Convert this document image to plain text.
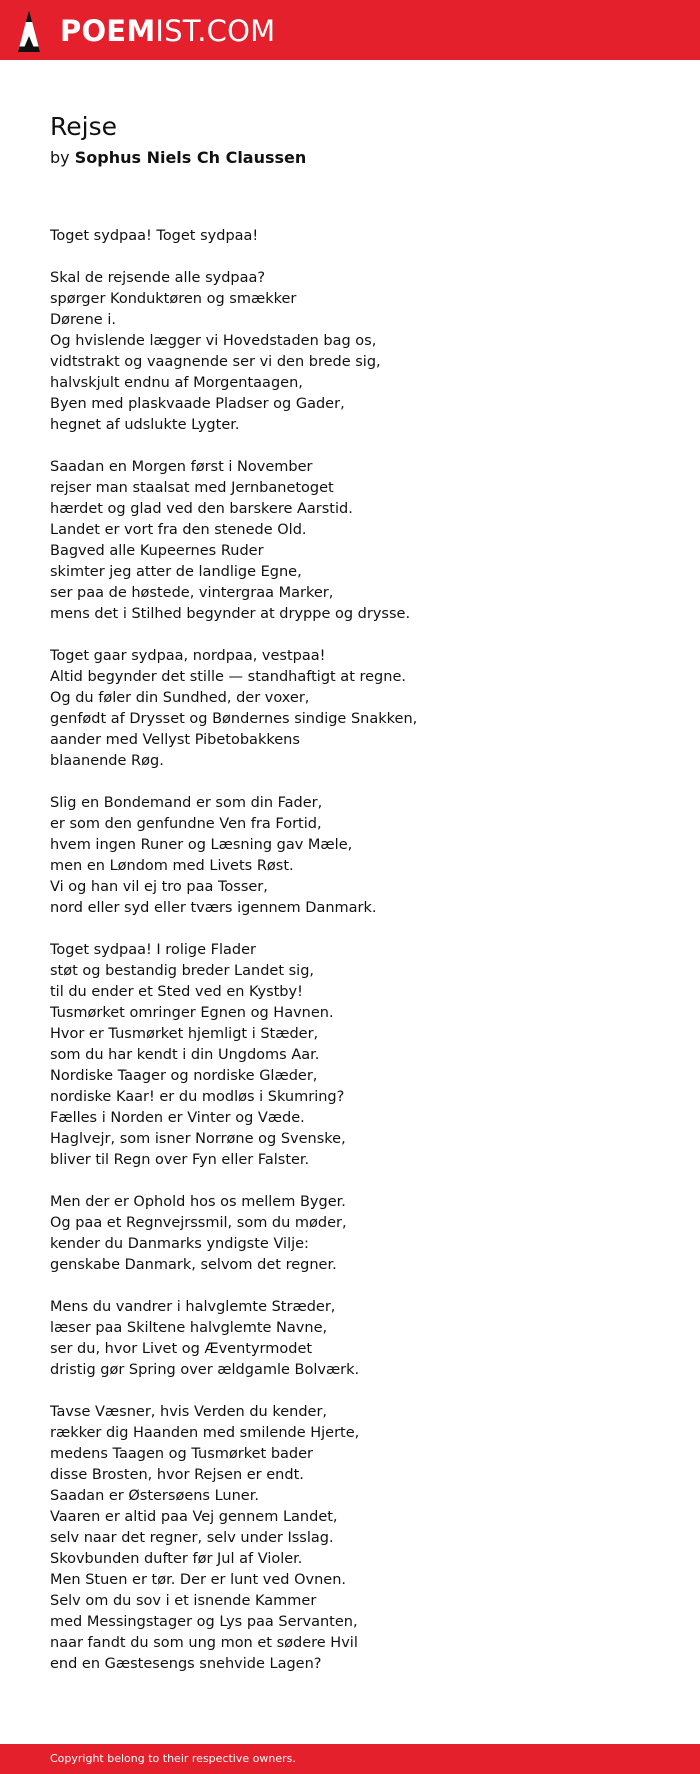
POEMIST.COM
Rejse

by Sophus Niels Ch Claussen

Toget sydpaa! Toget sydpaa!
Skal de rejsende alle sydpaa?
spørger Konduktøren og smækker
Dørene i.
Og hvislende lægger vi Hovedstaden bag os,
vidtstrakt og vaagnende ser vi den brede sig,
halvskjult endnu af Morgentaagen,
Byen med plaskvaade Pladser og Gader,
hegnet af udslukte Lygter.
Saadan en Morgen først i November
rejser man staalsat med Jernbanetoget
hærdet og glad ved den barskere Aarstid.
Landet er vort fra den stenede Old.
Bagved alle Kupeernes Ruder
skimter jeg atter de landlige Egne,
ser paa de høstede, vintergraa Marker,
mens det i Stilhed begynder at dryppe og drysse.
Toget gaar sydpaa, nordpaa, vestpaa!
Altid begynder det stille — standhaftigt at regne.
Og du føler din Sundhed, der voxer,
genfødt af Drysset og Bøndernes sindige Snakken,
aander med Vellyst Pibetobakkens
blaanende Røg.
Slig en Bondemand er som din Fader,
er som den genfundne Ven fra Fortid,
hvem ingen Runer og Læsning gav Mæle,
men en Løndom med Livets Røst.
Vi og han vil ej tro paa Tosser,
nord eller syd eller tværs igennem Danmark.
Toget sydpaa! I rolige Flader
støt og bestandig breder Landet sig,
til du ender et Sted ved en Kystby!
Tusmørket omringer Egnen og Havnen.
Hvor er Tusmørket hjemligt i Stæder,
som du har kendt i din Ungdoms Aar.
Nordiske Taager og nordiske Glæder,
nordiske Kaar! er du modløs i Skumring?
Fælles i Norden er Vinter og Væde.
Haglvejr, som isner Norrøne og Svenske,
bliver til Regn over Fyn eller Falster.
Men der er Ophold hos os mellem Byger.
Og paa et Regnvejrssmil, som du møder,
kender du Danmarks yndigste Vilje:
genskabe Danmark, selvom det regner.
Mens du vandrer i halvglemte Stræder,
læser paa Skiltene halvglemte Navne,
ser du, hvor Livet og Æventyrmodet
dristig gør Spring over ældgamle Bolværk.
Tavse Væsner, hvis Verden du kender,
rækker dig Haanden med smilende Hjerte,
medens Taagen og Tusmørket bader
disse Brosten, hvor Rejsen er endt.
Saadan er Østersøens Luner.
Vaaren er altid paa Vej gennem Landet,
selv naar det regner, selv under Isslag.
Skovbunden dufter før Jul af Violer.
Men Stuen er tør. Der er lunt ved Ovnen.
Selv om du sov i et isnende Kammer
med Messingstager og Lys paa Servanten,
naar fandt du som ung mon et sødere Hvil
end en Gæstesengs snehvide Lagen?
Copyright belong to their respective owners.
